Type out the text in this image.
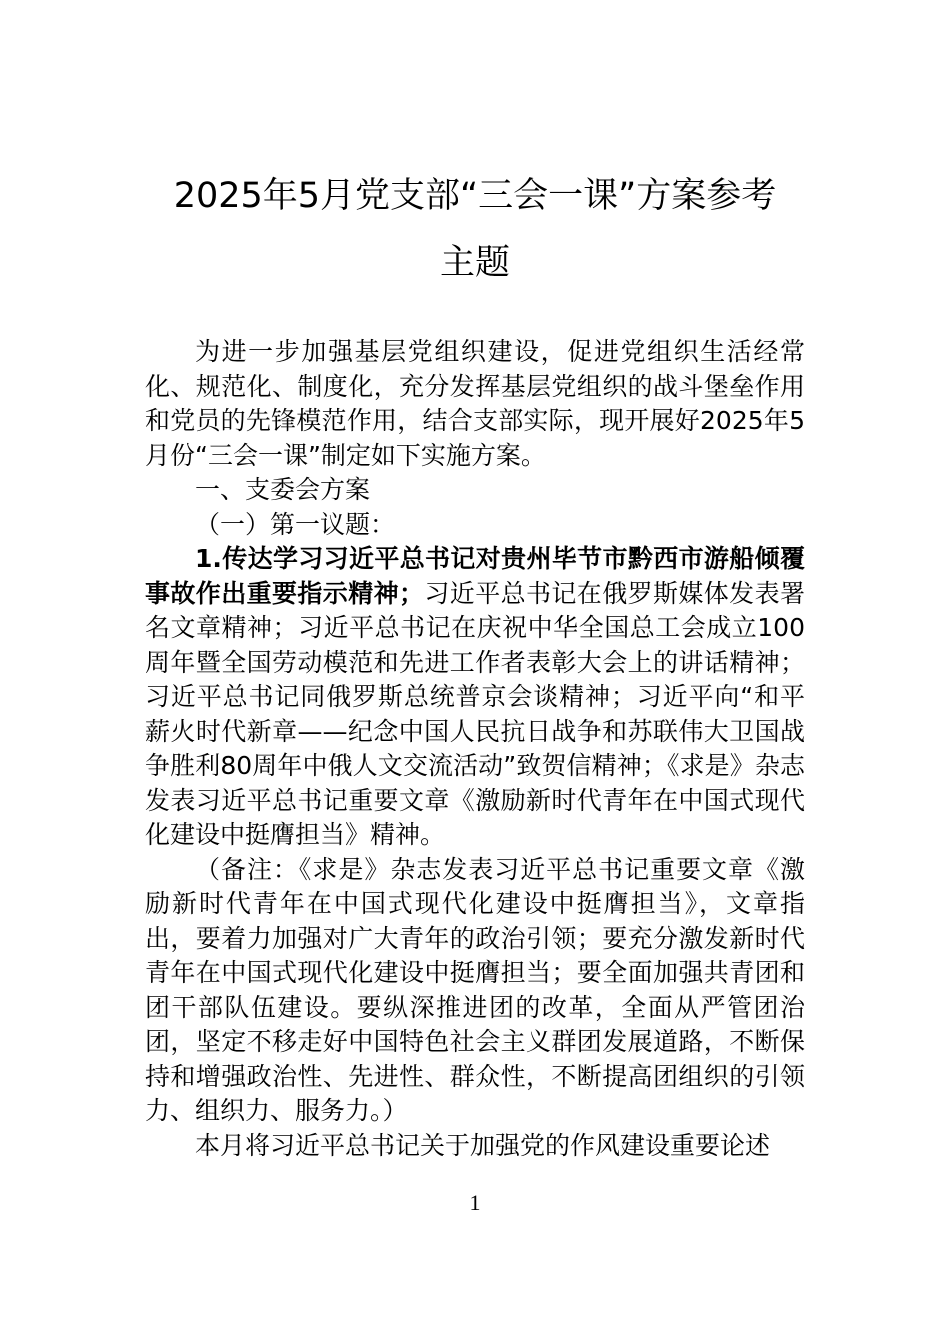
2025年5月党支部“三会一课”方案参考
主题

为进一步加强基层党组织建设，促进党组织生活经常化、规范化、制度化，充分发挥基层党组织的战斗堡垒作用和党员的先锋模范作用，结合支部实际，现开展好2025年5月份“三会一课”制定如下实施方案。

一、支委会方案

（一）第一议题：

1.传达学习习近平总书记对贵州毕节市黔西市游船倾覆事故作出重要指示精神；习近平总书记在俄罗斯媒体发表署名文章精神；习近平总书记在庆祝中华全国总工会成立100周年暨全国劳动模范和先进工作者表彰大会上的讲话精神；习近平总书记同俄罗斯总统普京会谈精神；习近平向“和平薪火时代新章——纪念中国人民抗日战争和苏联伟大卫国战争胜利80周年中俄人文交流活动”致贺信精神；《求是》杂志发表习近平总书记重要文章《激励新时代青年在中国式现代化建设中挺膺担当》精神。

（备注：《求是》杂志发表习近平总书记重要文章《激励新时代青年在中国式现代化建设中挺膺担当》，文章指出，要着力加强对广大青年的政治引领；要充分激发新时代青年在中国式现代化建设中挺膺担当；要全面加强共青团和团干部队伍建设。要纵深推进团的改革，全面从严管团治团，坚定不移走好中国特色社会主义群团发展道路，不断保持和增强政治性、先进性、群众性，不断提高团组织的引领力、组织力、服务力。）

本月将习近平总书记关于加强党的作风建设重要论述

1
